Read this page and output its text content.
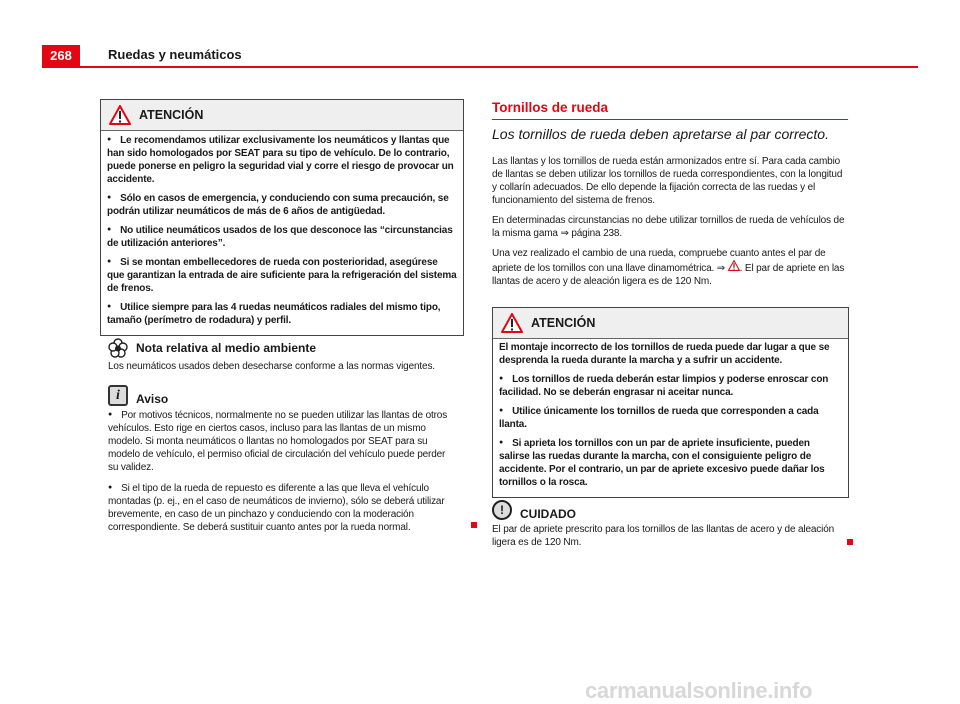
268	Ruedas y neumáticos
ATENCIÓN

● Le recomendamos utilizar exclusivamente los neumáticos y llantas que han sido homologados por SEAT para su tipo de vehículo. De lo contrario, puede ponerse en peligro la seguridad vial y corre el riesgo de provocar un accidente.

● Sólo en casos de emergencia, y conduciendo con suma precaución, se podrán utilizar neumáticos de más de 6 años de antigüedad.

● No utilice neumáticos usados de los que desconoce las “circunstancias de utilización anteriores”.

● Si se montan embellecedores de rueda con posterioridad, asegúrese que garantizan la entrada de aire suficiente para la refrigeración del sistema de frenos.

● Utilice siempre para las 4 ruedas neumáticos radiales del mismo tipo, tamaño (perímetro de rodadura) y perfil.

Nota relativa al medio ambiente
Los neumáticos usados deben desecharse conforme a las normas vigentes.
i	Aviso

● Por motivos técnicos, normalmente no se pueden utilizar las llantas de otros vehículos. Esto rige en ciertos casos, incluso para las llantas de un mismo modelo. Si monta neumáticos o llantas no homologados por SEAT para su modelo de vehículo, el permiso oficial de circulación del vehículo puede perder su validez.

● Si el tipo de la rueda de repuesto es diferente a las que lleva el vehículo montadas (p. ej., en el caso de neumáticos de invierno), sólo se deberá utilizar brevemente, en caso de un pinchazo y conduciendo con la moderación correspondiente. Se deberá sustituir cuanto antes por la rueda normal.

Tornillos de rueda
Los tornillos de rueda deben apretarse al par correcto.

Las llantas y los tornillos de rueda están armonizados entre sí. Para cada cambio de llantas se deben utilizar los tornillos de rueda correspondientes, con la longitud y collarín adecuados. De ello depende la fijación correcta de las ruedas y el funcionamiento del sistema de frenos.

En determinadas circunstancias no debe utilizar tornillos de rueda de vehículos de la misma gama ⇒ página 238.

Una vez realizado el cambio de una rueda, compruebe cuanto antes el par de apriete de los tornillos con una llave dinamométrica. ⇒ . El par de apriete en las llantas de acero y de aleación ligera es de 120 Nm.

ATENCIÓN

El montaje incorrecto de los tornillos de rueda puede dar lugar a que se desprenda la rueda durante la marcha y a sufrir un accidente.

● Los tornillos de rueda deberán estar limpios y poderse enroscar con facilidad. No se deberán engrasar ni aceitar nunca.

● Utilice únicamente los tornillos de rueda que corresponden a cada llanta.

● Si aprieta los tornillos con un par de apriete insuficiente, pueden salirse las ruedas durante la marcha, con el consiguiente peligro de accidente. Por el contrario, un par de apriete excesivo puede dañar los tornillos o la rosca.

!	CUIDADO
El par de apriete prescrito para los tornillos de las llantas de acero y de aleación ligera es de 120 Nm.
carmanualsonline.info
